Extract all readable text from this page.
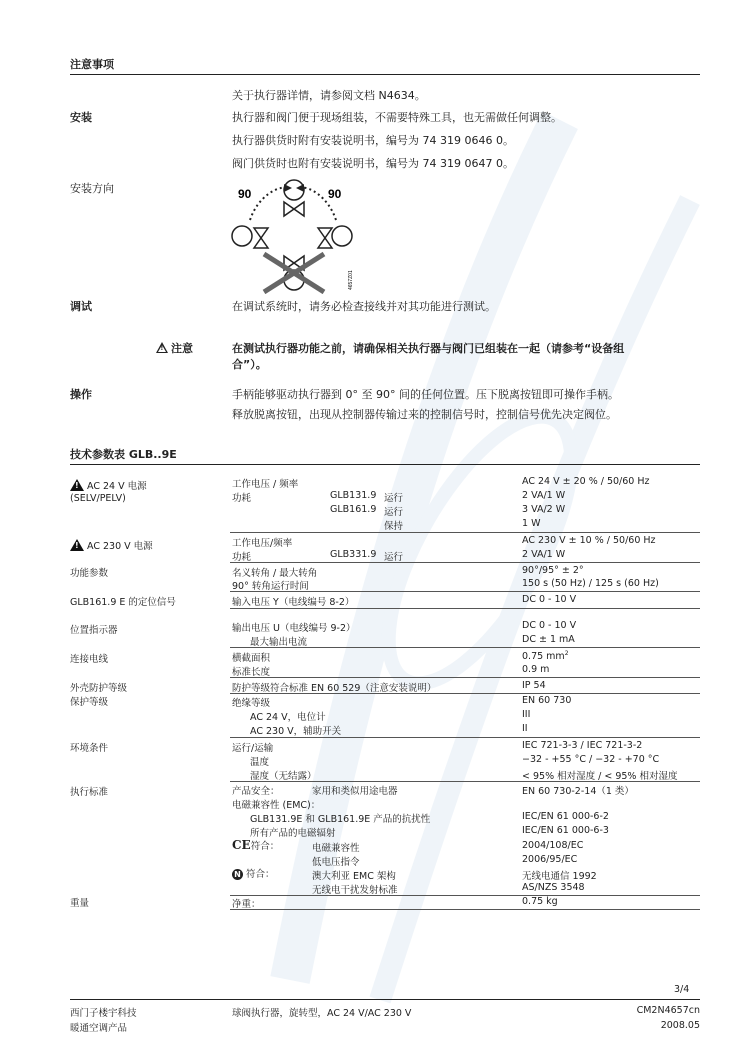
注意事项
关于执行器详情，请参阅文档 N4634。
安装	执行器和阀门便于现场组装，不需要特殊工具，也无需做任何调整。
执行器供货时附有安装说明书，编号为 74 319 0646 0。
阀门供货时也附有安装说明书，编号为 74 319 0647 0。
安装方向	90	90
4657Z01
调试	在调试系统时，请务必检查接线并对其功能进行测试。
!注意	在测试执行器功能之前，请确保相关执行器与阀门已组装在一起（请参考“设备组
合”）。
操作	手柄能够驱动执行器到 0° 至 90° 间的任何位置。压下脱离按钮即可操作手柄。
释放脱离按钮，出现从控制器传输过来的控制信号时，控制信号优先决定阀位。
技术参数表 GLB..9E
!AC 24 V 电源
(SELV/PELV)
工作电压 / 频率	AC 24 V ± 20 % / 50/60 Hz
功耗	GLB131.9 运行	2 VA/1 W
GLB161.9 运行	3 VA/2 W
保持	1 W
!AC 230 V 电源	工作电压/频率	AC 230 V ± 10 % / 50/60 Hz
功耗	GLB331.9 运行	2 VA/1 W
功能参数	名义转角 / 最大转角	90°/95° ± 2°
90° 转角运行时间	150 s (50 Hz) / 125 s (60 Hz)
GLB161.9 E 的定位信号	输入电压 Y（电线编号 8-2）	DC 0 - 10 V
位置指示器	输出电压 U（电线编号 9-2）	DC 0 - 10 V
最大输出电流	DC ± 1 mA
连接电线	横截面积	0.75 $mm^2$
标准长度	0.9 m
外壳防护等级	防护等级符合标准 EN 60 529（注意安装说明）	IP 54
保护等级	绝缘等级	EN 60 730
AC 24 V，电位计	III
AC 230 V，辅助开关	II
环境条件	运行/运输	IEC 721-3-3 / IEC 721-3-2
温度	−32 - +55 °C / −32 - +70 °C
湿度（无结露）	< 95% 相对湿度 / < 95% 相对湿度
执行标准	产品安全：	家用和类似用途电器	EN 60 730-2-14（1 类）
电磁兼容性 (EMC)：
GLB131.9E 和 GLB161.9E 产品的抗扰性	IEC/EN 61 000-6-2
所有产品的电磁辐射	IEC/EN 61 000-6-3
CE符合：	电磁兼容性	2004/108/EC
低电压指令	2006/95/EC
N 符合：	澳大利亚 EMC 架构	无线电通信 1992
无线电干扰发射标准	AS/NZS 3548
重量	净重：	0.75 kg
3/4
西门子楼宇科技
暖通空调产品
球阀执行器，旋转型，AC 24 V/AC 230 V	CM2N4657cn
2008.05
